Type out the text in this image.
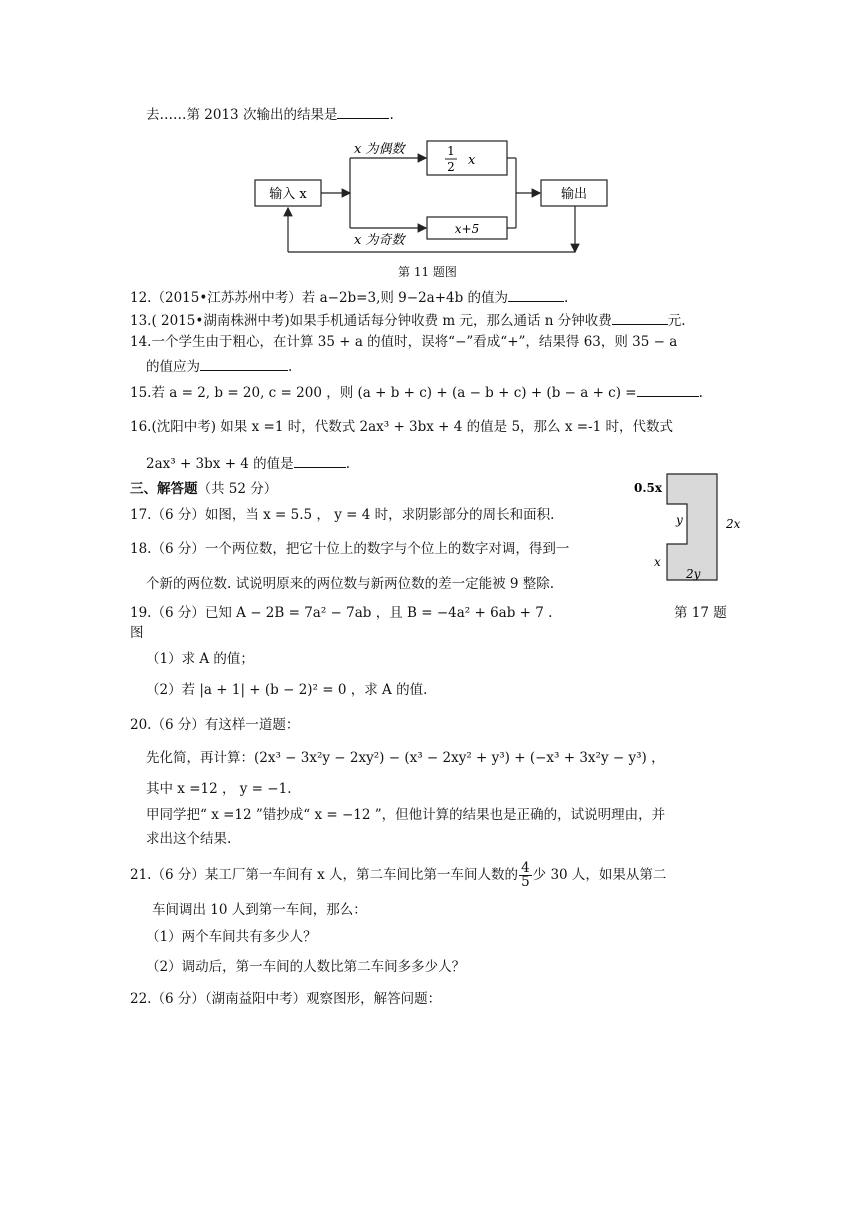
去……第 2013 次输出的结果是	.
输入 x
x 为偶数
x 为奇数
1
2 x
x+5
输出
第 11 题图
12.（2015•江苏苏州中考）若 a−2b=3,则 9−2a+4b 的值为	.
13.( 2015•湖南株洲中考)如果手机通话每分钟收费 m 元，那么通话 n 分钟收费	元.
14.一个学生由于粗心，在计算 35 + a 的值时，误将“−”看成“+”，结果得 63，则 35 − a
的值应为	.
15.若 a = 2, b = 20, c = 200 ，则 (a + b + c) + (a − b + c) + (b − a + c) =	.
16.(沈阳中考) 如果 x =1 时，代数式 2ax³ + 3bx + 4 的值是 5，那么 x =-1 时，代数式
2ax³ + 3bx + 4 的值是	.
三、解答题（共 52 分）
17.（6 分）如图，当 x = 5.5 ， y = 4 时，求阴影部分的周长和面积.
0.5x
y	2x
x
2y
18.（6 分）一个两位数，把它十位上的数字与个位上的数字对调，得到一
个新的两位数. 试说明原来的两位数与新两位数的差一定能被 9 整除.
19.（6 分）已知 A − 2B = 7a² − 7ab ，且 B = −4a² + 6ab + 7 .	第 17 题
图
（1）求 A 的值；
（2）若 |a + 1| + (b − 2)² = 0 ，求 A 的值.
20.（6 分）有这样一道题：
先化简，再计算：(2x³ − 3x²y − 2xy²) − (x³ − 2xy² + y³) + (−x³ + 3x²y − y³) ，
其中 x =12 ， y = −1.
甲同学把“ x =12 ”错抄成“ x = −12 ”，但他计算的结果也是正确的，试说明理由，并
求出这个结果.
21.（6 分）某工厂第一车间有 x 人，第二车间比第一车间人数的 $\frac{4}{5}$ 少 30 人，如果从第二
车间调出 10 人到第一车间，那么：
（1）两个车间共有多少人？
（2）调动后，第一车间的人数比第二车间多多少人？
22.（6 分）（湖南益阳中考）观察图形，解答问题：
